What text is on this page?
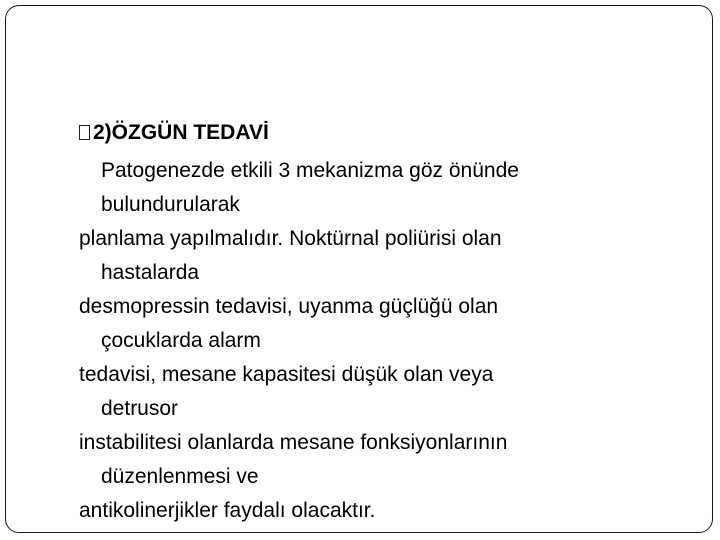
2)ÖZGÜN TEDAVİ
Patogenezde etkili 3 mekanizma göz önünde
bulundurularak
planlama yapılmalıdır. Noktürnal poliürisi olan
hastalarda
desmopressin tedavisi, uyanma güçlüğü olan
çocuklarda alarm
tedavisi, mesane kapasitesi düşük olan veya
detrusor
instabilitesi olanlarda mesane fonksiyonlarının
düzenlenmesi ve
antikolinerjikler faydalı olacaktır.
